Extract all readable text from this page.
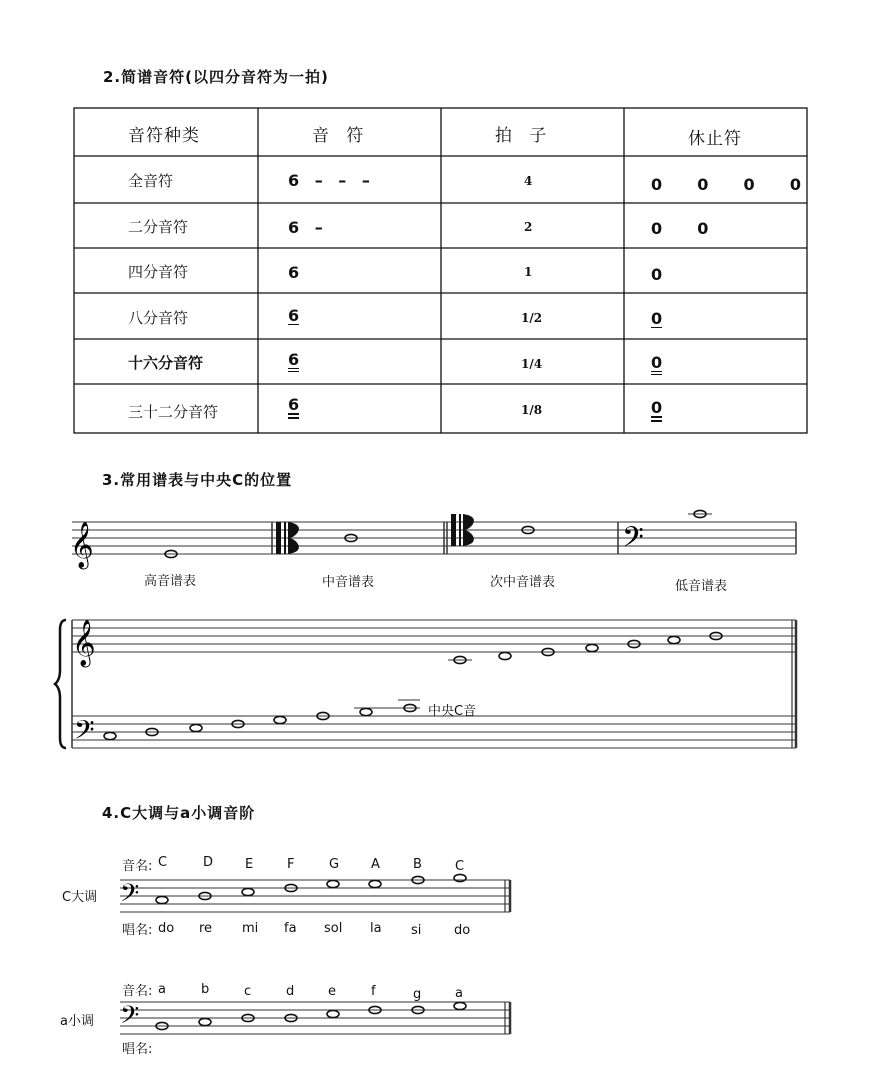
2.简谱音符(以四分音符为一拍)
音符种类	音 符	拍 子	休止符
全音符	6 – – –	4	0  0  0  0
二分音符	6 –	2	0  0
四分音符	6	1	0
八分音符	6	1/2	0
十六分音符	6	1/4	0
三十二分音符	6	1/8	0
3.常用谱表与中央C的位置
𝄞	𝄢
高音谱表	中音谱表	次中音谱表	低音谱表
𝄞
𝄢
中央C音
4.C大调与a小调音阶
音名: C	D E	F	G A	B	C
C大调 𝄢
唱名: do re mi fa sol la si	do
音名: a	b	c	d	e	f	g	a
a小调 𝄢
唱名:
